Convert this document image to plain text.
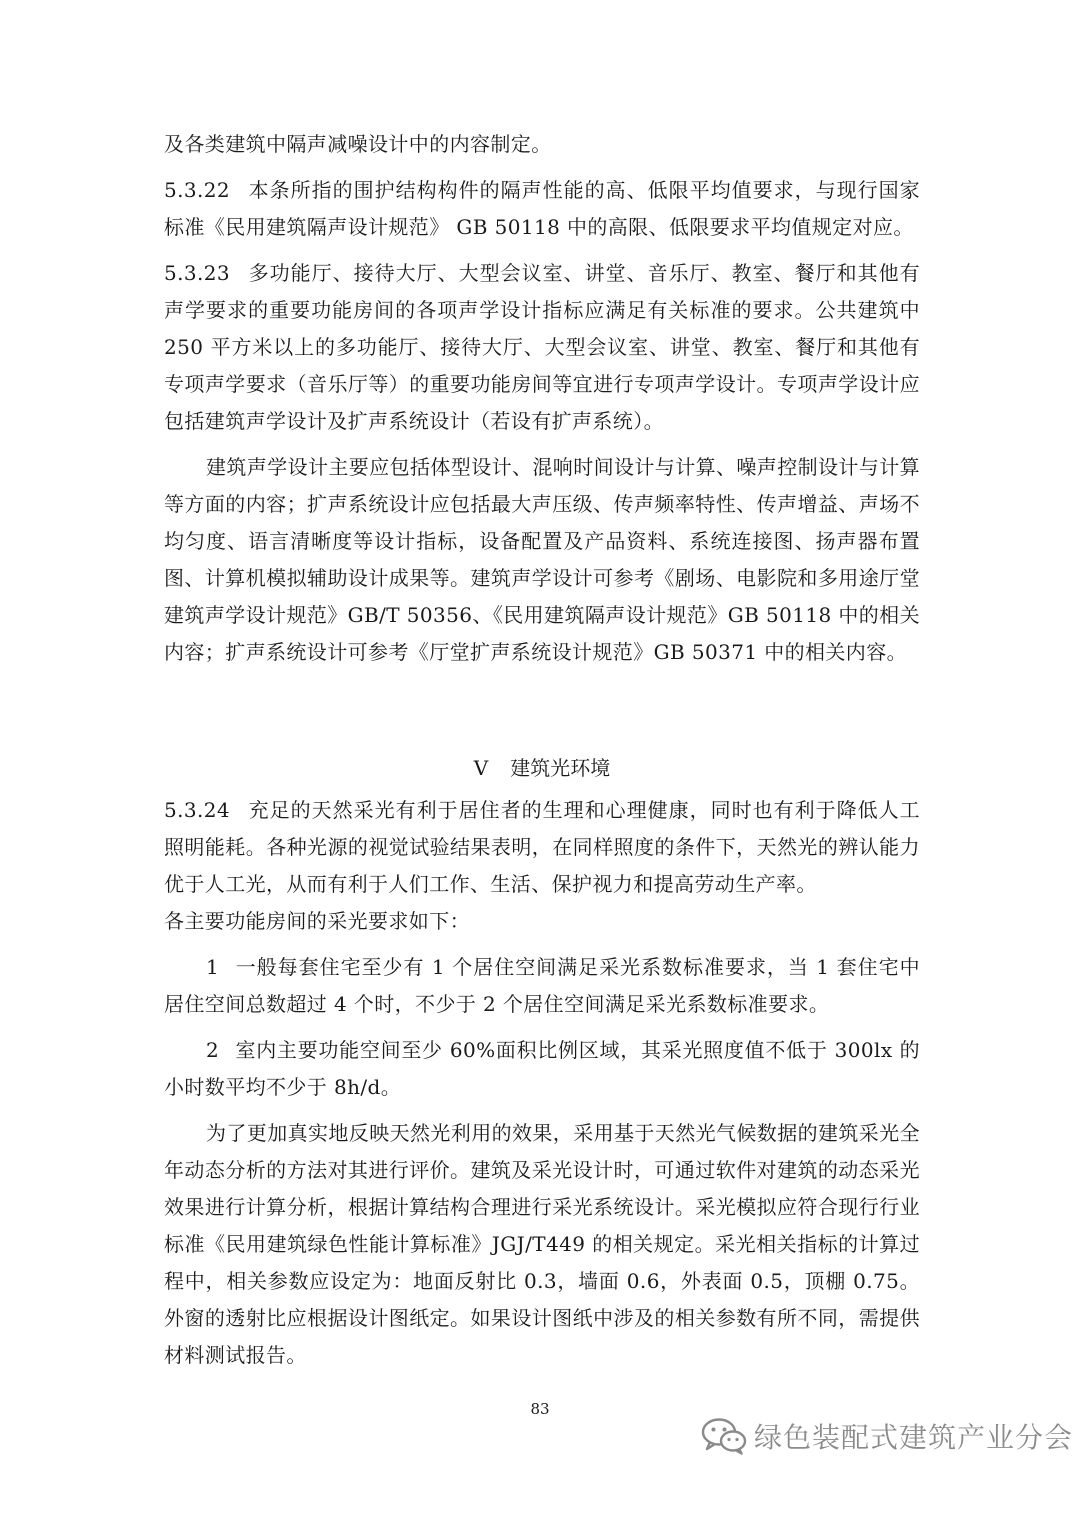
及各类建筑中隔声减噪设计中的内容制定。

5.3.22 本条所指的围护结构构件的隔声性能的高、低限平均值要求，与现行国家标准《民用建筑隔声设计规范》 GB 50118 中的高限、低限要求平均值规定对应。

5.3.23 多功能厅、接待大厅、大型会议室、讲堂、音乐厅、教室、餐厅和其他有声学要求的重要功能房间的各项声学设计指标应满足有关标准的要求。公共建筑中 250 平方米以上的多功能厅、接待大厅、大型会议室、讲堂、教室、餐厅和其他有专项声学要求（音乐厅等）的重要功能房间等宜进行专项声学设计。专项声学设计应包括建筑声学设计及扩声系统设计（若设有扩声系统）。

建筑声学设计主要应包括体型设计、混响时间设计与计算、噪声控制设计与计算等方面的内容；扩声系统设计应包括最大声压级、传声频率特性、传声增益、声场不均匀度、语言清晰度等设计指标，设备配置及产品资料、系统连接图、扬声器布置图、计算机模拟辅助设计成果等。建筑声学设计可参考《剧场、电影院和多用途厅堂建筑声学设计规范》GB/T 50356、《民用建筑隔声设计规范》GB 50118 中的相关内容；扩声系统设计可参考《厅堂扩声系统设计规范》GB 50371 中的相关内容。

V 建筑光环境

5.3.24 充足的天然采光有利于居住者的生理和心理健康，同时也有利于降低人工照明能耗。各种光源的视觉试验结果表明，在同样照度的条件下，天然光的辨认能力优于人工光，从而有利于人们工作、生活、保护视力和提高劳动生产率。

各主要功能房间的采光要求如下：

1 一般每套住宅至少有 1 个居住空间满足采光系数标准要求，当 1 套住宅中居住空间总数超过 4 个时，不少于 2 个居住空间满足采光系数标准要求。

2 室内主要功能空间至少 60%面积比例区域，其采光照度值不低于 300lx 的小时数平均不少于 8h/d。

为了更加真实地反映天然光利用的效果，采用基于天然光气候数据的建筑采光全年动态分析的方法对其进行评价。建筑及采光设计时，可通过软件对建筑的动态采光效果进行计算分析，根据计算结构合理进行采光系统设计。采光模拟应符合现行行业标准《民用建筑绿色性能计算标准》JGJ/T449 的相关规定。采光相关指标的计算过程中，相关参数应设定为：地面反射比 0.3，墙面 0.6，外表面 0.5，顶棚 0.75。外窗的透射比应根据设计图纸定。如果设计图纸中涉及的相关参数有所不同，需提供材料测试报告。

83
绿色装配式建筑产业分会
